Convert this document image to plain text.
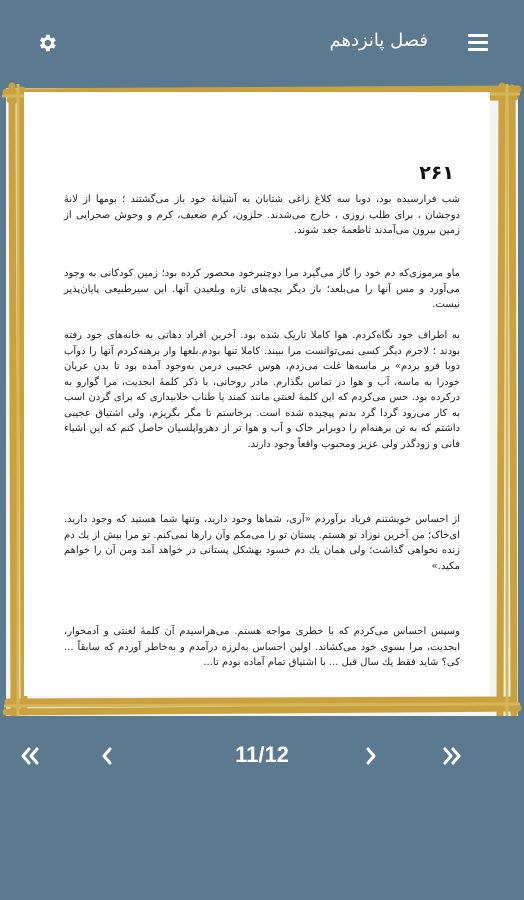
فصل پانزدهم
۲۶۱
شب فرارسیده بود، دوبا سه کلاغ زاغی شتابان به آشیانهٔ خود باز می‌گشتند ؛ بومها از لانهٔ دوجشان ، برای طلب روزی ، خارج می‌شدند. حلزون، کرم ضعیف، کرم و وحوش صحرایی از زمین بیرون می‌آمدند تاطعمهٔ جغد شوند.
ماو مرموزی‌که دم خود را گاز می‌گیرد مرا دوچنبرخود محصور کرده بود؛ زمین کودکانی به وجود می‌آورد و مس آنها را می‌بلعد؛ باز دیگر بچه‌های تازه وبلعیدن آنها. این سیرطبیعی پایان‌پذیر نیست.
به اطراف خود نگاه‌کردم. هوا کاملا تاریک شده بود. آخرین افراد دهاتی به خانه‌های خود رفته بودند ؛ لاجرم دیگر کسی نمی‌توانست مرا ببیند. کاملا تنها بودم.بلعها وار برهنه‌کردم آنها را دوآب دوبا فرو بردم» ‌بر ماسه‌ها غلت می‌زدم، هوس عجیبی درمن به‌وجود آمده بود تا بدن عریان خودرا به ماسه، آب و هوا در تماس بگذارم. مادر روحانی، با ذکر کلمهٔ ابجدیت، مرا گوارو به درکرده بود. حس می‌کردم که این کلمهٔ لعنتی مانند کمند یا طناب خلابیداری که برای گردن اسب به کار می‌رود گردا گرد بدنم پیچیده شده است. برخاستم تا مگر بگریزم، ولی اشتیاق عجیبی داشتم که به تن برهنه‌ام را دوبرابر خاک و آب و هوا تر از دهرواپلسیان حاصل کنم که این اشیاء فانی و زودگذر ولی عزیز ومحبوب واقعاً وجود دارند.
از احساس خویشتنم فریاد برآوردم «آری، شماها وجود دارید، وتنها شما هستید که وجود دارید. ای‌خاک؛ من آخرین نوزاد تو هستم. پستان تو را می‌مکم وآن رارها نمی‌کنم. تو مرا بیش از یك دم زنده نخواهی گذاشت؛ ولی همان یك دم خسود بهشکل پستانی در خواهد آمد ومن آن را خواهم مکید.»
وسپس احساس می‌کردم که با خطری مواجه هستم. می‌هراسیدم آن کلمهٔ لعنتی و آدمخوار، ابجدیت، مرا بسوی خود می‌کشاند. اولین احساس به‌لرزه درآمدم و به‌خاطر آوردم که سابقاً ... کی؟ شاید فقط یك سال قبل ... با اشتیاق تمام آماده بودم تا...
11/12
